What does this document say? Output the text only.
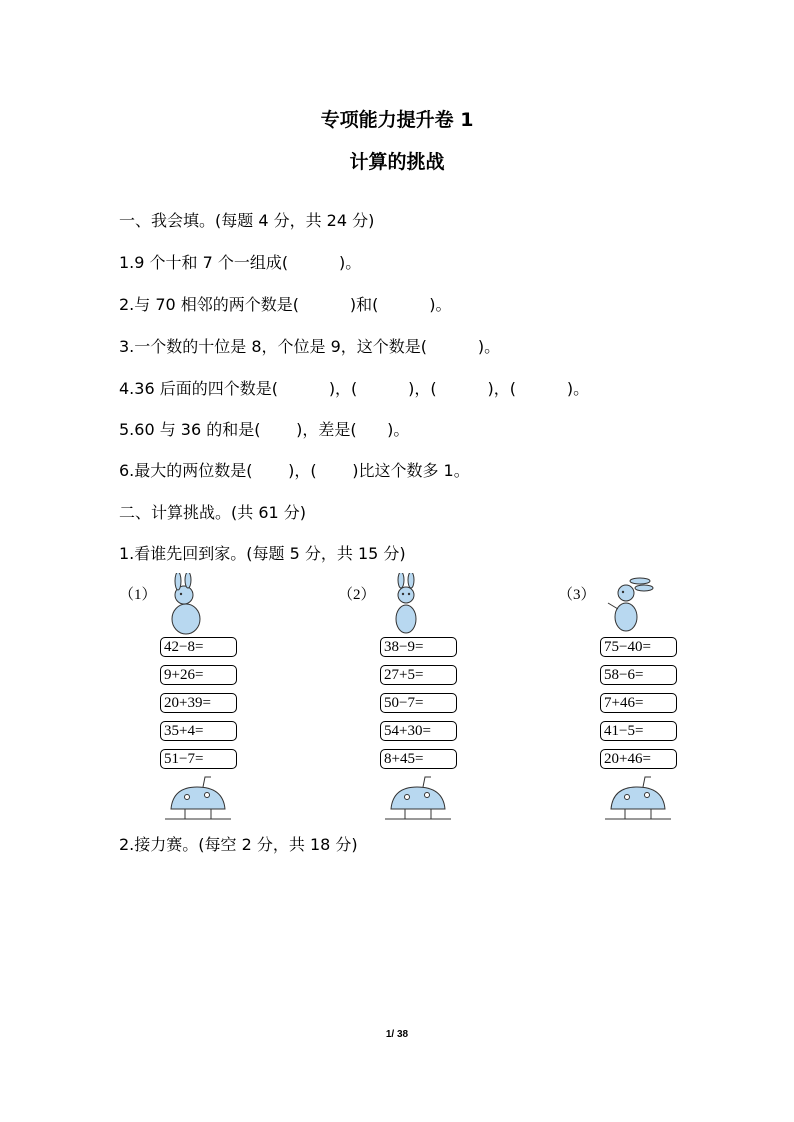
专项能力提升卷 1
计算的挑战
一、我会填。(每题 4 分，共 24 分)
1.9 个十和 7 个一组成(          )。
2.与 70 相邻的两个数是(          )和(          )。
3.一个数的十位是 8，个位是 9，这个数是(          )。
4.36 后面的四个数是(          )，(          )，(          )，(          )。
5.60 与 36 的和是(       )，差是(      )。
6.最大的两位数是(       )，(       )比这个数多 1。
二、计算挑战。(共 61 分)
1.看谁先回到家。(每题 5 分，共 15 分)
（1）
42−8=
9+26=
20+39=
35+4=
51−7=
（2）
38−9=
27+5=
50−7=
54+30=
8+45=
（3）
75−40=
58−6=
7+46=
41−5=
20+46=
2.接力赛。(每空 2 分，共 18 分)
1/ 38
